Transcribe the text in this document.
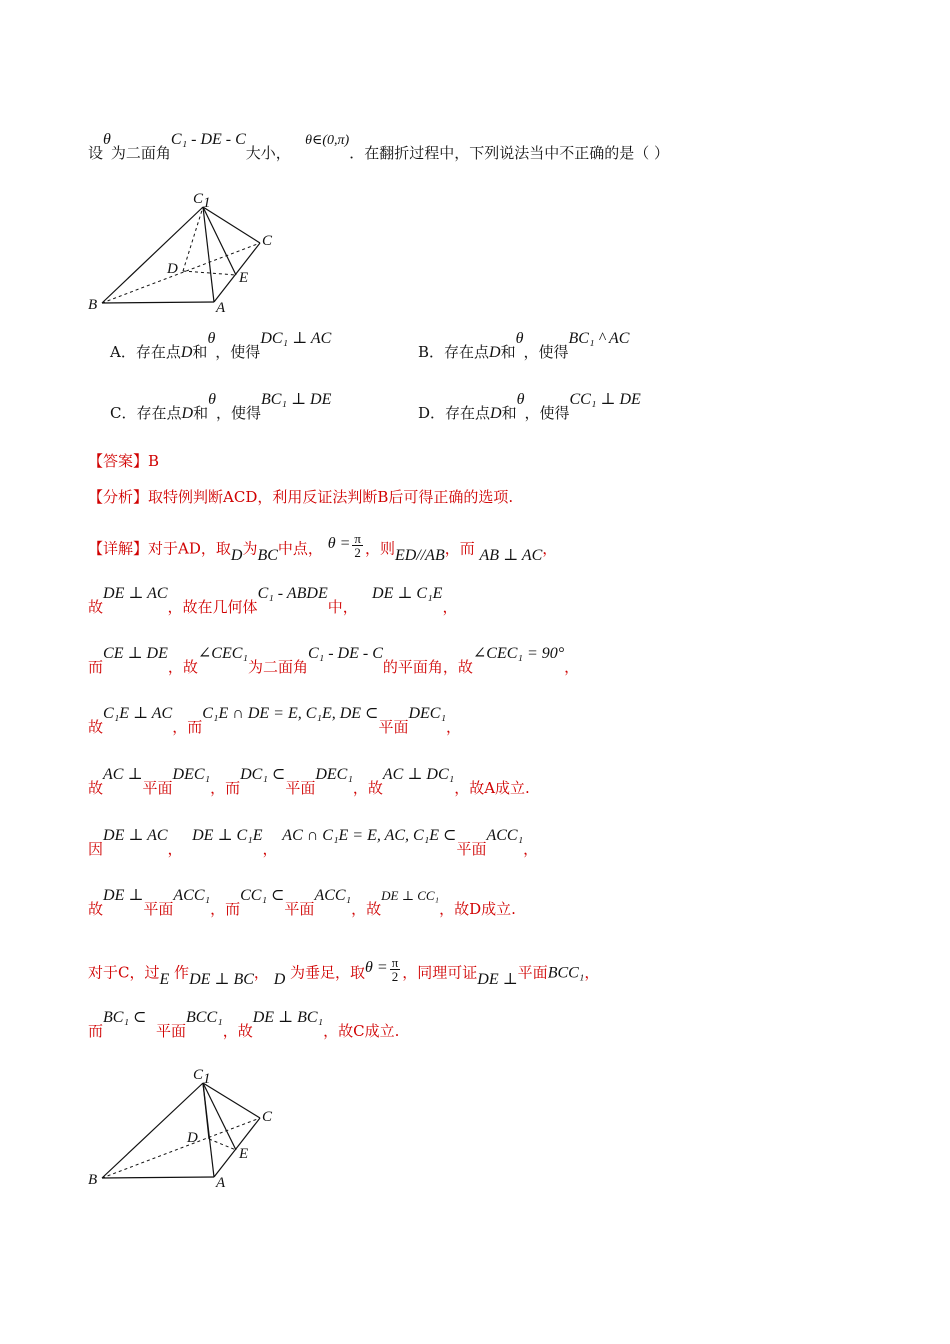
设θ为二面角C₁ - DE - C大小，   θ∈(0,π)．在翻折过程中，下列说法当中不正确的是（ ）
C1
C
D
E
B	A
A．存在点D和θ，使得DC₁ ⊥ AC
B．存在点D和θ，使得BC₁ ^ AC
C．存在点D和θ，使得BC₁ ⊥ DE
D．存在点D和θ，使得CC₁ ⊥ DE
【答案】B
【分析】取特例判断ACD，利用反证法判断B后可得正确的选项.
【详解】对于AD，取D为BC中点， $\theta = \frac{\pi}{2}$ ，则ED//AB，而 AB ⊥ AC，
故DE ⊥ AC，故在几何体C₁ - ABDE中，   DE ⊥ C₁E，
而CE ⊥ DE，故∠CEC₁为二面角C₁ - DE - C的平面角，故∠CEC₁ = 90°，
故C₁E ⊥ AC，而C₁E ∩ DE = E, C₁E, DE ⊂平面DEC₁，
故AC ⊥平面DEC₁，而DC₁ ⊂平面DEC₁，故AC ⊥ DC₁，故A成立.
因DE ⊥ AC，  DE ⊥ C₁E， AC ∩ C₁E = E, AC, C₁E ⊂平面ACC₁，
故DE ⊥平面ACC₁，而CC₁ ⊂平面ACC₁，故DE ⊥ CC₁，故D成立.
对于C，过E 作DE ⊥ BC， D 为垂足，取$\theta = \frac{\pi}{2}$ ，同理可证DE ⊥平面BCC₁，
而BC₁ ⊂  平面BCC₁，故DE ⊥ BC₁，故C成立.
C1
C
D
E
B	A
